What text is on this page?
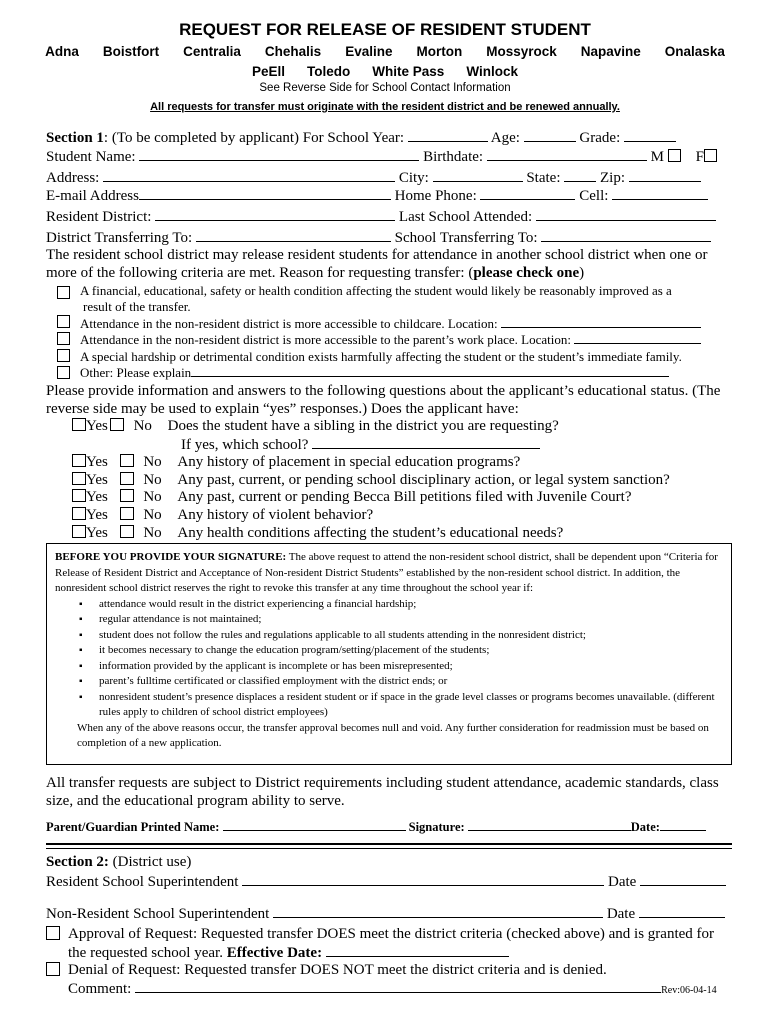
REQUEST FOR RELEASE OF RESIDENT STUDENT
Adna Boistfort Centralia Chehalis Evaline Morton Mossyrock Napavine Onalaska
PeEll Toledo White Pass Winlock
See Reverse Side for School Contact Information
All requests for transfer must originate with the resident district and be renewed annually.
Section 1: (To be completed by applicant) For School Year:	Age:	Grade:
Student Name:	Birthdate:	M F
Address:	City:	State:	Zip:
E-mail Address	Home Phone:	Cell:
Resident District:	Last School Attended:
District Transferring To:	School Transferring To:
The resident school district may release resident students for attendance in another school district when one or
more of the following criteria are met. Reason for requesting transfer: (please check one)
A financial, educational, safety or health condition affecting the student would likely be reasonably improved as a
result of the transfer.
Attendance in the non-resident district is more accessible to childcare. Location:
Attendance in the non-resident district is more accessible to the parent’s work place. Location:
A special hardship or detrimental condition exists harmfully affecting the student or the student’s immediate family.
Other: Please explain
Please provide information and answers to the following questions about the applicant’s educational status. (The
reverse side may be used to explain “yes” responses.) Does the applicant have:
Yes No Does the student have a sibling in the district you are requesting?
If yes, which school?
Yes No Any history of placement in special education programs?
Yes No Any past, current, or pending school disciplinary action, or legal system sanction?
Yes No Any past, current or pending Becca Bill petitions filed with Juvenile Court?
Yes No Any history of violent behavior?
Yes No Any health conditions affecting the student’s educational needs?
BEFORE YOU PROVIDE YOUR SIGNATURE: The above request to attend the non-resident school district, shall be dependent upon “Criteria for Release of Resident District and Acceptance of Non-resident District Students” established by the non-resident school district. In addition, the nonresident school district reserves the right to revoke this transfer at any time throughout the school year if:
▪ attendance would result in the district experiencing a financial hardship;
▪ regular attendance is not maintained;
▪ student does not follow the rules and regulations applicable to all students attending in the nonresident district;
▪ it becomes necessary to change the education program/setting/placement of the students;
▪ information provided by the applicant is incomplete or has been misrepresented;
▪ parent’s fulltime certificated or classified employment with the district ends; or
▪ nonresident student’s presence displaces a resident student or if space in the grade level classes or programs becomes unavailable. (different rules apply to children of school district employees)
When any of the above reasons occur, the transfer approval becomes null and void. Any further consideration for readmission must be based on completion of a new application.
All transfer requests are subject to District requirements including student attendance, academic standards, class
size, and the educational program ability to serve.
Parent/Guardian Printed Name:	Signature:	Date:
Section 2: (District use)
Resident School Superintendent	Date
Non-Resident School Superintendent	Date
Approval of Request: Requested transfer DOES meet the district criteria (checked above) and is granted for
the requested school year. Effective Date:
Denial of Request: Requested transfer DOES NOT meet the district criteria and is denied.
Comment:	Rev:06-04-14
